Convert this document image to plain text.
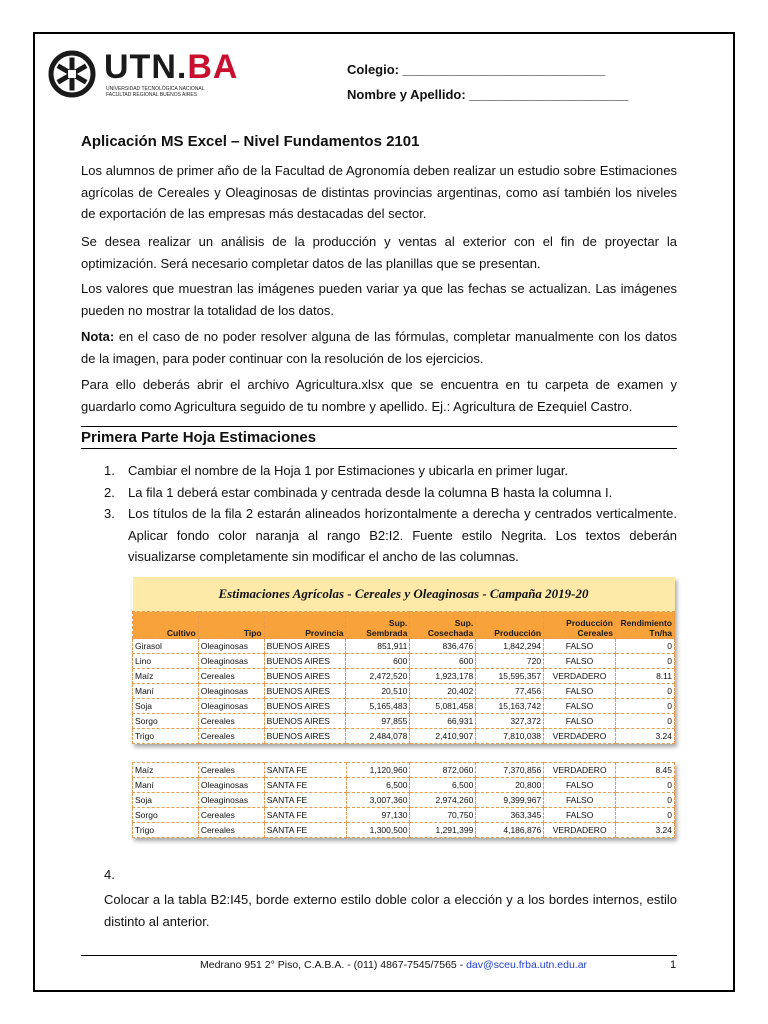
UTN.BA
UNIVERSIDAD TECNOLÓGICA NACIONAL
FACULTAD REGIONAL BUENOS AIRES
Colegio: ____________________________
Nombre y Apellido: ______________________
Aplicación MS Excel – Nivel Fundamentos 2101

Los alumnos de primer año de la Facultad de Agronomía deben realizar un estudio sobre Estimaciones agrícolas de Cereales y Oleaginosas de distintas provincias argentinas, como así también los niveles de exportación de las empresas más destacadas del sector.

Se desea realizar un análisis de la producción y ventas al exterior con el fin de proyectar la optimización. Será necesario completar datos de las planillas que se presentan.

Los valores que muestran las imágenes pueden variar ya que las fechas se actualizan. Las imágenes pueden no mostrar la totalidad de los datos.

Nota: en el caso de no poder resolver alguna de las fórmulas, completar manualmente con los datos de la imagen, para poder continuar con la resolución de los ejercicios.

Para ello deberás abrir el archivo Agricultura.xlsx que se encuentra en tu carpeta de examen y guardarlo como Agricultura seguido de tu nombre y apellido. Ej.: Agricultura de Ezequiel Castro.

Primera Parte Hoja Estimaciones
1. Cambiar el nombre de la Hoja 1 por Estimaciones y ubicarla en primer lugar.
2. La fila 1 deberá estar combinada y centrada desde la columna B hasta la columna I.
3. Los títulos de la fila 2 estarán alineados horizontalmente a derecha y centrados verticalmente. Aplicar fondo color naranja al rango B2:I2. Fuente estilo Negrita. Los textos deberán visualizarse completamente sin modificar el ancho de las columnas.
Estimaciones Agrícolas - Cereales y Oleaginosas - Campaña 2019-20							
Cultivo	Tipo	Provincia	Sup. Sembrada	Sup. Cosechada	Producción	Producción Cereales	Rendimiento Tn/ha
Girasol	Oleaginosas	BUENOS AIRES	851,911	836,476	1,842,294	FALSO	0
Lino	Oleaginosas	BUENOS AIRES	600	600	720	FALSO	0
Maíz	Cereales	BUENOS AIRES	2,472,520	1,923,178	15,595,357	VERDADERO	8.11
Maní	Oleaginosas	BUENOS AIRES	20,510	20,402	77,456	FALSO	0
Soja	Oleaginosas	BUENOS AIRES	5,165,483	5,081,458	15,163,742	FALSO	0
Sorgo	Cereales	BUENOS AIRES	97,855	66,931	327,372	FALSO	0
Trigo	Cereales	BUENOS AIRES	2,484,078	2,410,907	7,810,038	VERDADERO	3.24
Maíz	Cereales	SANTA FE	1,120,960	872,060	7,370,856	VERDADERO	8.45
Maní	Oleaginosas	SANTA FE	6,500	6,500	20,800	FALSO	0
Soja	Oleaginosas	SANTA FE	3,007,360	2,974,260	9,399,967	FALSO	0
Sorgo	Cereales	SANTA FE	97,130	70,750	363,345	FALSO	0
Trigo	Cereales	SANTA FE	1,300,500	1,291,399	4,186,876	VERDADERO	3.24
4.

Colocar a la tabla B2:I45, borde externo estilo doble color a elección y a los bordes internos, estilo distinto al anterior.

Medrano 951 2° Piso, C.A.B.A. - (011) 4867-7545/7565 - dav@sceu.frba.utn.edu.ar	1
